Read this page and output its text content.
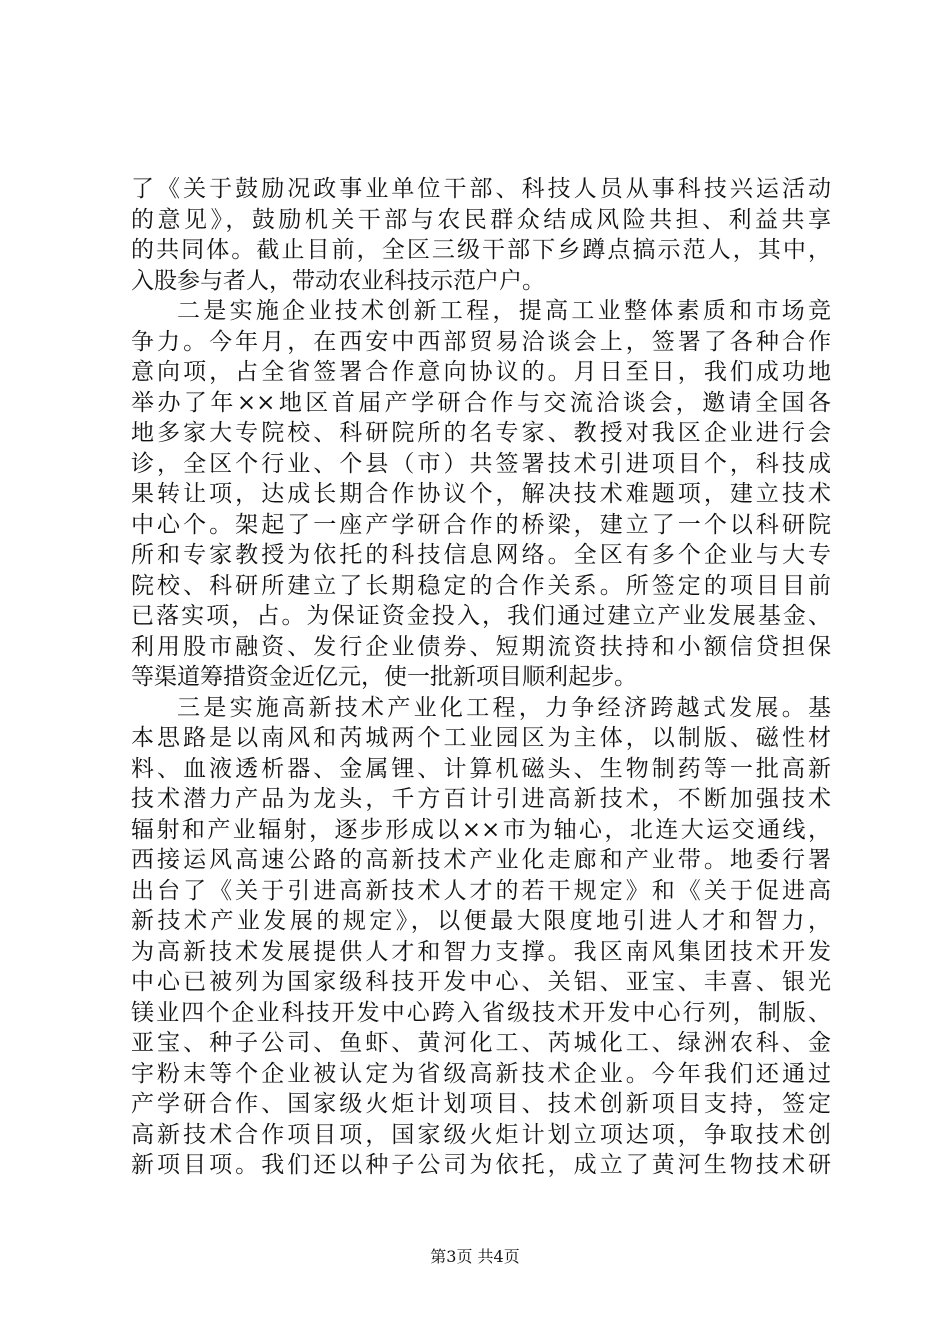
了《关于鼓励况政事业单位干部、科技人员从事科技兴运活动
的意见》，鼓励机关干部与农民群众结成风险共担、利益共享
的共同体。截止目前，全区三级干部下乡蹲点搞示范人，其中，
入股参与者人，带动农业科技示范户户。
二是实施企业技术创新工程，提高工业整体素质和市场竞
争力。今年月，在西安中西部贸易洽谈会上，签署了各种合作
意向项，占全省签署合作意向协议的。月日至日，我们成功地
举办了年××地区首届产学研合作与交流洽谈会，邀请全国各
地多家大专院校、科研院所的名专家、教授对我区企业进行会
诊，全区个行业、个县（市）共签署技术引进项目个，科技成
果转让项，达成长期合作协议个，解决技术难题项，建立技术
中心个。架起了一座产学研合作的桥梁，建立了一个以科研院
所和专家教授为依托的科技信息网络。全区有多个企业与大专
院校、科研所建立了长期稳定的合作关系。所签定的项目目前
已落实项，占。为保证资金投入，我们通过建立产业发展基金、
利用股市融资、发行企业债券、短期流资扶持和小额信贷担保
等渠道筹措资金近亿元，使一批新项目顺利起步。
三是实施高新技术产业化工程，力争经济跨越式发展。基
本思路是以南风和芮城两个工业园区为主体，以制版、磁性材
料、血液透析器、金属锂、计算机磁头、生物制药等一批高新
技术潜力产品为龙头，千方百计引进高新技术，不断加强技术
辐射和产业辐射，逐步形成以××市为轴心，北连大运交通线，
西接运风高速公路的高新技术产业化走廊和产业带。地委行署
出台了《关于引进高新技术人才的若干规定》和《关于促进高
新技术产业发展的规定》，以便最大限度地引进人才和智力，
为高新技术发展提供人才和智力支撑。我区南风集团技术开发
中心已被列为国家级科技开发中心、关铝、亚宝、丰喜、银光
镁业四个企业科技开发中心跨入省级技术开发中心行列，制版、
亚宝、种子公司、鱼虾、黄河化工、芮城化工、绿洲农科、金
宇粉末等个企业被认定为省级高新技术企业。今年我们还通过
产学研合作、国家级火炬计划项目、技术创新项目支持，签定
高新技术合作项目项，国家级火炬计划立项达项，争取技术创
新项目项。我们还以种子公司为依托，成立了黄河生物技术研
第3页 共4页
